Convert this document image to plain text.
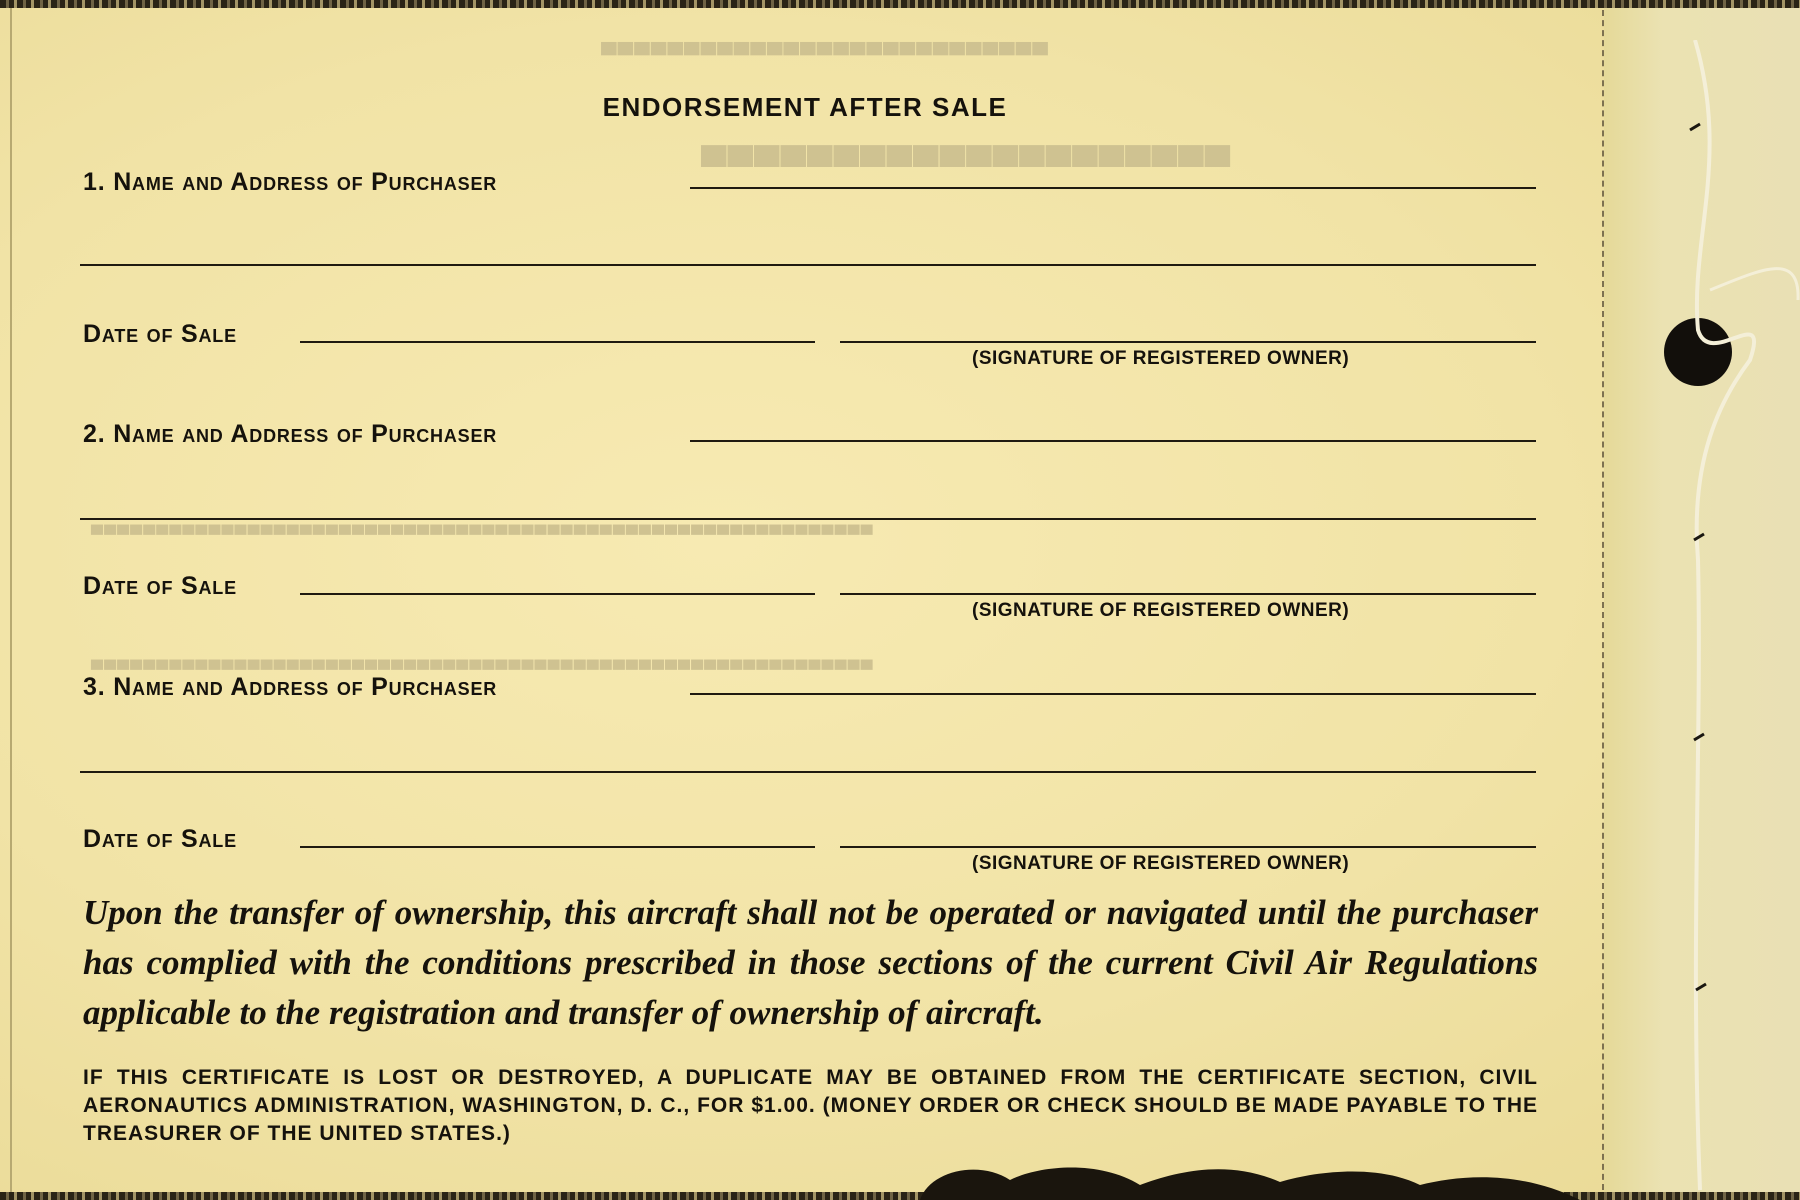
▀▀▀▀▀▀▀▀▀▀▀▀▀▀▀▀▀▀▀▀▀▀▀▀▀▀▀
▀▀▀▀▀▀▀▀▀▀▀▀▀▀▀▀▀▀▀▀
▀▀▀▀▀▀▀▀▀▀▀▀▀▀▀▀▀▀▀▀▀▀▀▀▀▀▀▀▀▀▀▀▀▀▀▀▀▀▀▀▀▀▀▀▀▀▀▀▀▀▀▀▀▀▀▀▀▀▀▀
▀▀▀▀▀▀▀▀▀▀▀▀▀▀▀▀▀▀▀▀▀▀▀▀▀▀▀▀▀▀▀▀▀▀▀▀▀▀▀▀▀▀▀▀▀▀▀▀▀▀▀▀▀▀▀▀▀▀▀▀
ENDORSEMENT AFTER SALE
1. Name and Address of Purchaser
Date of Sale
(SIGNATURE OF REGISTERED OWNER)
2. Name and Address of Purchaser
Date of Sale
(SIGNATURE OF REGISTERED OWNER)
3. Name and Address of Purchaser
Date of Sale
(SIGNATURE OF REGISTERED OWNER)

Upon the transfer of ownership, this aircraft shall not be operated or navigated until the purchaser has complied with the conditions prescribed in those sections of the current Civil Air Regulations applicable to the registration and transfer of ownership of aircraft.

IF THIS CERTIFICATE IS LOST OR DESTROYED, A DUPLICATE MAY BE OBTAINED FROM THE CERTIFICATE SECTION, CIVIL AERONAUTICS ADMINISTRATION, WASHINGTON, D. C., FOR $1.00. (MONEY ORDER OR CHECK SHOULD BE MADE PAYABLE TO THE TREASURER OF THE UNITED STATES.)
